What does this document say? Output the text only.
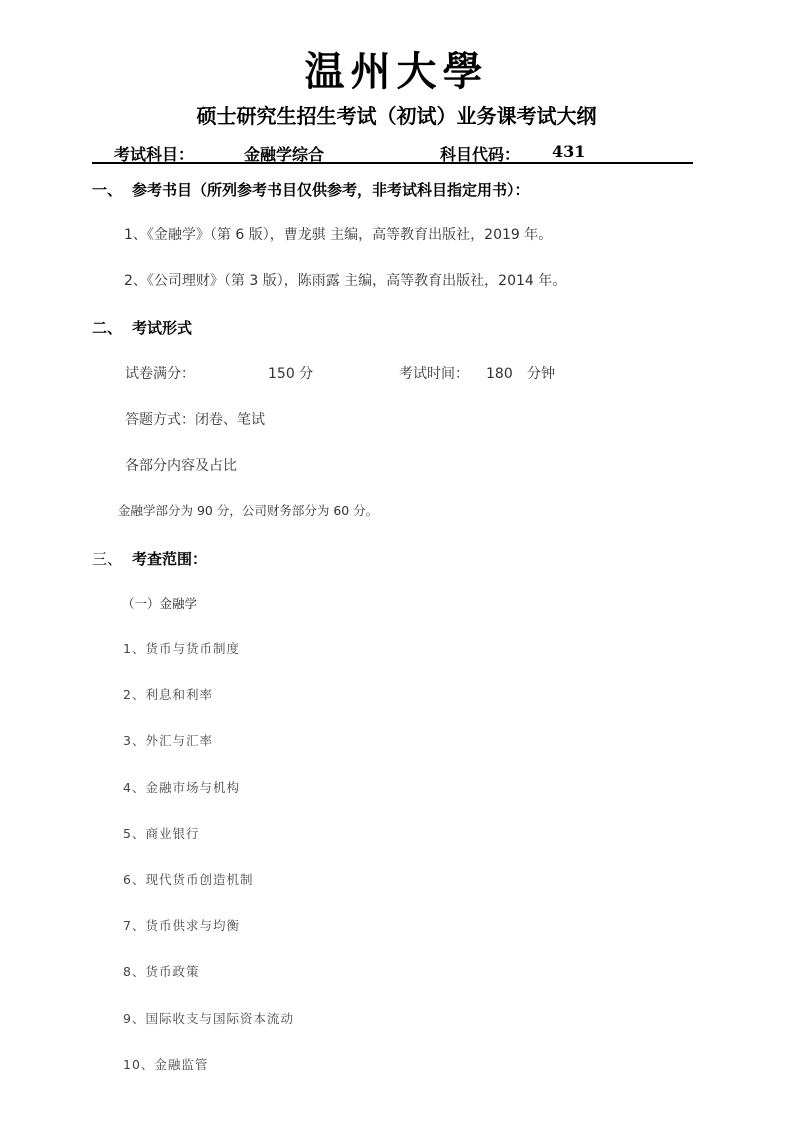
温州大學
硕士研究生招生考试（初试）业务课考试大纲
考试科目：	金融学综合	科目代码： 431
一、 参考书目（所列参考书目仅供参考，非考试科目指定用书）：
1、《金融学》（第 6 版），曹龙骐 主编，高等教育出版社，2019 年。
2、《公司理财》（第 3 版），陈雨露 主编，高等教育出版社，2014 年。
二、 考试形式
试卷满分：	150 分	考试时间： 180 分钟
答题方式：闭卷、笔试
各部分内容及占比
金融学部分为 90 分，公司财务部分为 60 分。
三、 考查范围：
（一）金融学
1、货币与货币制度
2、利息和利率
3、外汇与汇率
4、金融市场与机构
5、商业银行
6、现代货币创造机制
7、货币供求与均衡
8、货币政策
9、国际收支与国际资本流动
10、金融监管
